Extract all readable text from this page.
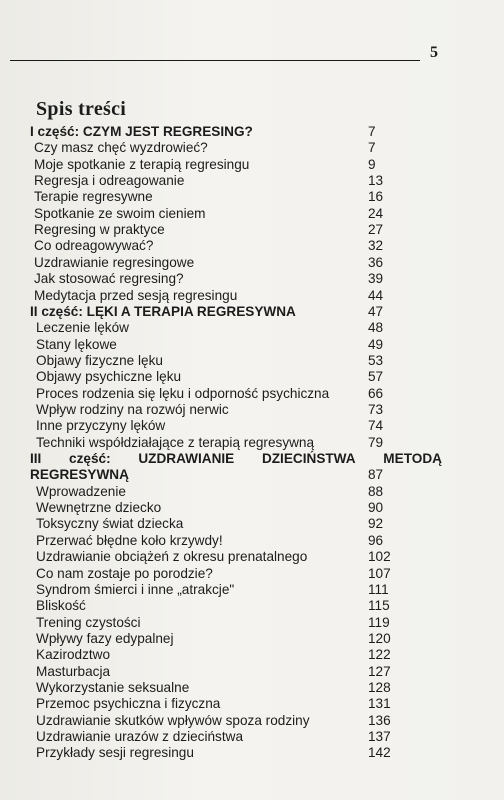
5
Spis treści
I część: CZYM JEST REGRESING?	7
Czy masz chęć wyzdrowieć?	7
Moje spotkanie z terapią regresingu	9
Regresja i odreagowanie	13
Terapie regresywne	16
Spotkanie ze swoim cieniem	24
Regresing w praktyce	27
Co odreagowywać?	32
Uzdrawianie regresingowe	36
Jak stosować regresing?	39
Medytacja przed sesją regresingu	44
II część: LĘKI A TERAPIA REGRESYWNA	47
Leczenie lęków	48
Stany lękowe	49
Objawy fizyczne lęku	53
Objawy psychiczne lęku	57
Proces rodzenia się lęku i odporność psychiczna	66
Wpływ rodziny na rozwój nerwic	73
Inne przyczyny lęków	74
Techniki współdziałające z terapią regresywną	79
III część: UZDRAWIANIE DZIECIŃSTWA METODĄ
REGRESYWNĄ	87
Wprowadzenie	88
Wewnętrzne dziecko	90
Toksyczny świat dziecka	92
Przerwać błędne koło krzywdy!	96
Uzdrawianie obciążeń z okresu prenatalnego	102
Co nam zostaje po porodzie?	107
Syndrom śmierci i inne „atrakcje"	111
Bliskość	115
Trening czystości	119
Wpływy fazy edypalnej	120
Kazirodztwo	122
Masturbacja	127
Wykorzystanie seksualne	128
Przemoc psychiczna i fizyczna	131
Uzdrawianie skutków wpływów spoza rodziny	136
Uzdrawianie urazów z dzieciństwa	137
Przykłady sesji regresingu	142
